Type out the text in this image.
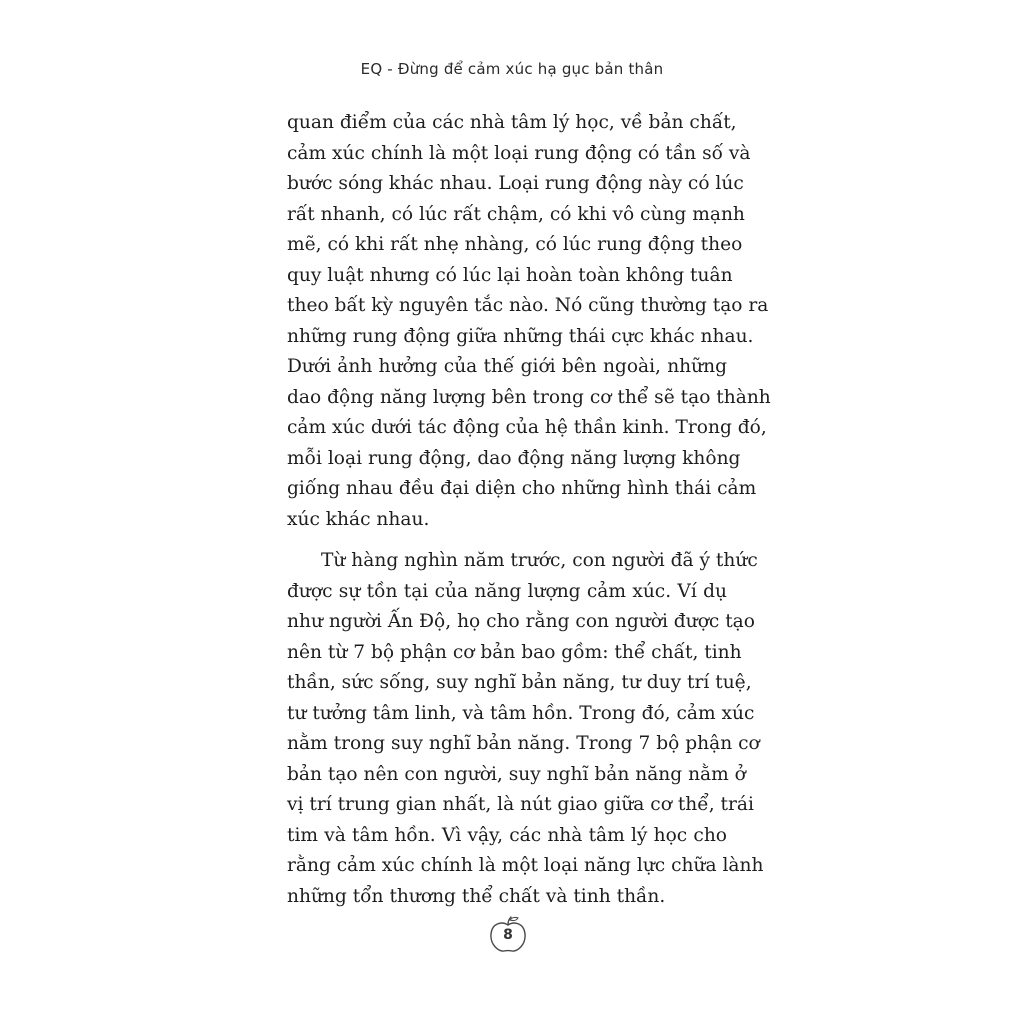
EQ - Đừng để cảm xúc hạ gục bản thân
quan điểm của các nhà tâm lý học, về bản chất,
cảm xúc chính là một loại rung động có tần số và
bước sóng khác nhau. Loại rung động này có lúc
rất nhanh, có lúc rất chậm, có khi vô cùng mạnh
mẽ, có khi rất nhẹ nhàng, có lúc rung động theo
quy luật nhưng có lúc lại hoàn toàn không tuân
theo bất kỳ nguyên tắc nào. Nó cũng thường tạo ra
những rung động giữa những thái cực khác nhau.
Dưới ảnh hưởng của thế giới bên ngoài, những
dao động năng lượng bên trong cơ thể sẽ tạo thành
cảm xúc dưới tác động của hệ thần kinh. Trong đó,
mỗi loại rung động, dao động năng lượng không
giống nhau đều đại diện cho những hình thái cảm
xúc khác nhau.
Từ hàng nghìn năm trước, con người đã ý thức
được sự tồn tại của năng lượng cảm xúc. Ví dụ
như người Ấn Độ, họ cho rằng con người được tạo
nên từ 7 bộ phận cơ bản bao gồm: thể chất, tinh
thần, sức sống, suy nghĩ bản năng, tư duy trí tuệ,
tư tưởng tâm linh, và tâm hồn. Trong đó, cảm xúc
nằm trong suy nghĩ bản năng. Trong 7 bộ phận cơ
bản tạo nên con người, suy nghĩ bản năng nằm ở
vị trí trung gian nhất, là nút giao giữa cơ thể, trái
tim và tâm hồn. Vì vậy, các nhà tâm lý học cho
rằng cảm xúc chính là một loại năng lực chữa lành
những tổn thương thể chất và tinh thần.
8
